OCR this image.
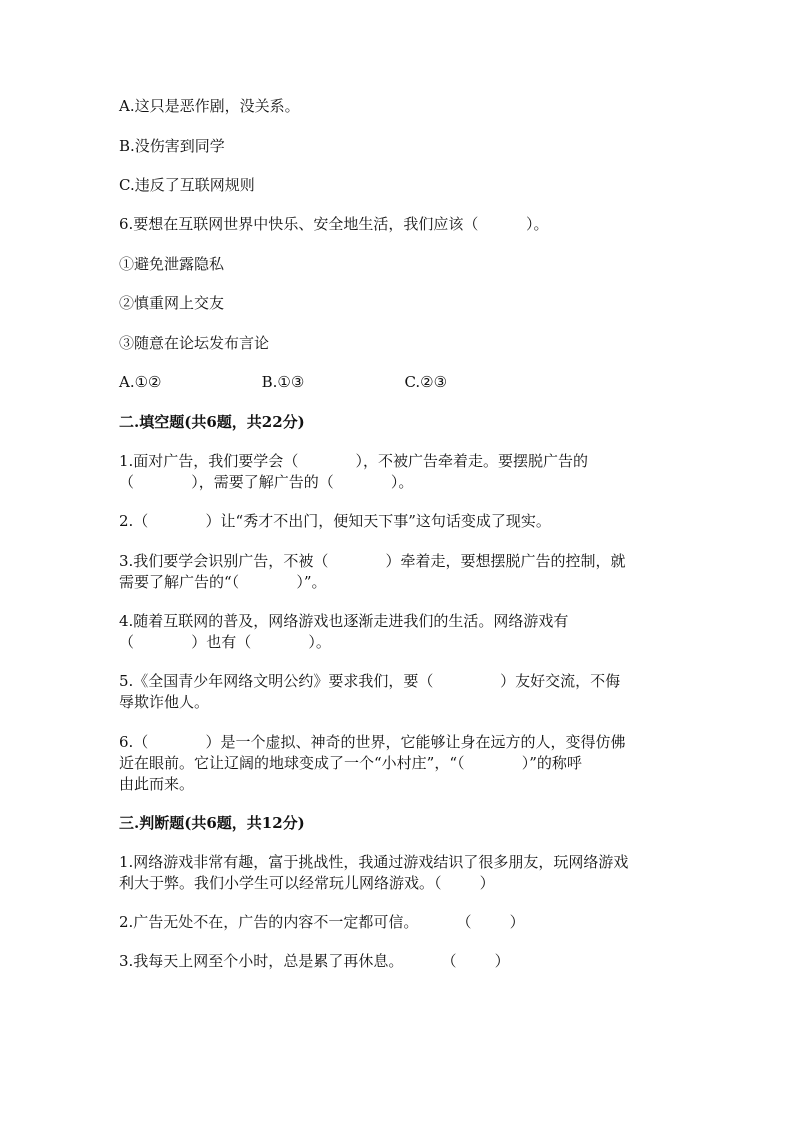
A.这只是恶作剧，没关系。
B.没伤害到同学
C.违反了互联网规则
6.要想在互联网世界中快乐、安全地生活，我们应该（          ）。
①避免泄露隐私
②慎重网上交友
③随意在论坛发布言论
A.①②                     B.①③                     C.②③
二.填空题(共6题，共22分)
1.面对广告，我们要学会（            ），不被广告牵着走。要摆脱广告的
（            ），需要了解广告的（            ）。
2.（            ）让“秀才不出门，便知天下事”这句话变成了现实。
3.我们要学会识别广告，不被（            ）牵着走，要想摆脱广告的控制，就
需要了解广告的“（            ）”。
4.随着互联网的普及，网络游戏也逐渐走进我们的生活。网络游戏有
（            ）也有（            ）。
5.《全国青少年网络文明公约》要求我们，要（              ）友好交流，不侮
辱欺诈他人。
6.（            ）是一个虚拟、神奇的世界，它能够让身在远方的人，变得仿佛
近在眼前。它让辽阔的地球变成了一个“小村庄”，“（            ）”的称呼
由此而来。
三.判断题(共6题，共12分)
1.网络游戏非常有趣，富于挑战性，我通过游戏结识了很多朋友，玩网络游戏
利大于弊。我们小学生可以经常玩儿网络游戏。（        ）
2.广告无处不在，广告的内容不一定都可信。        （        ）
3.我每天上网至个小时，总是累了再休息。        （        ）
